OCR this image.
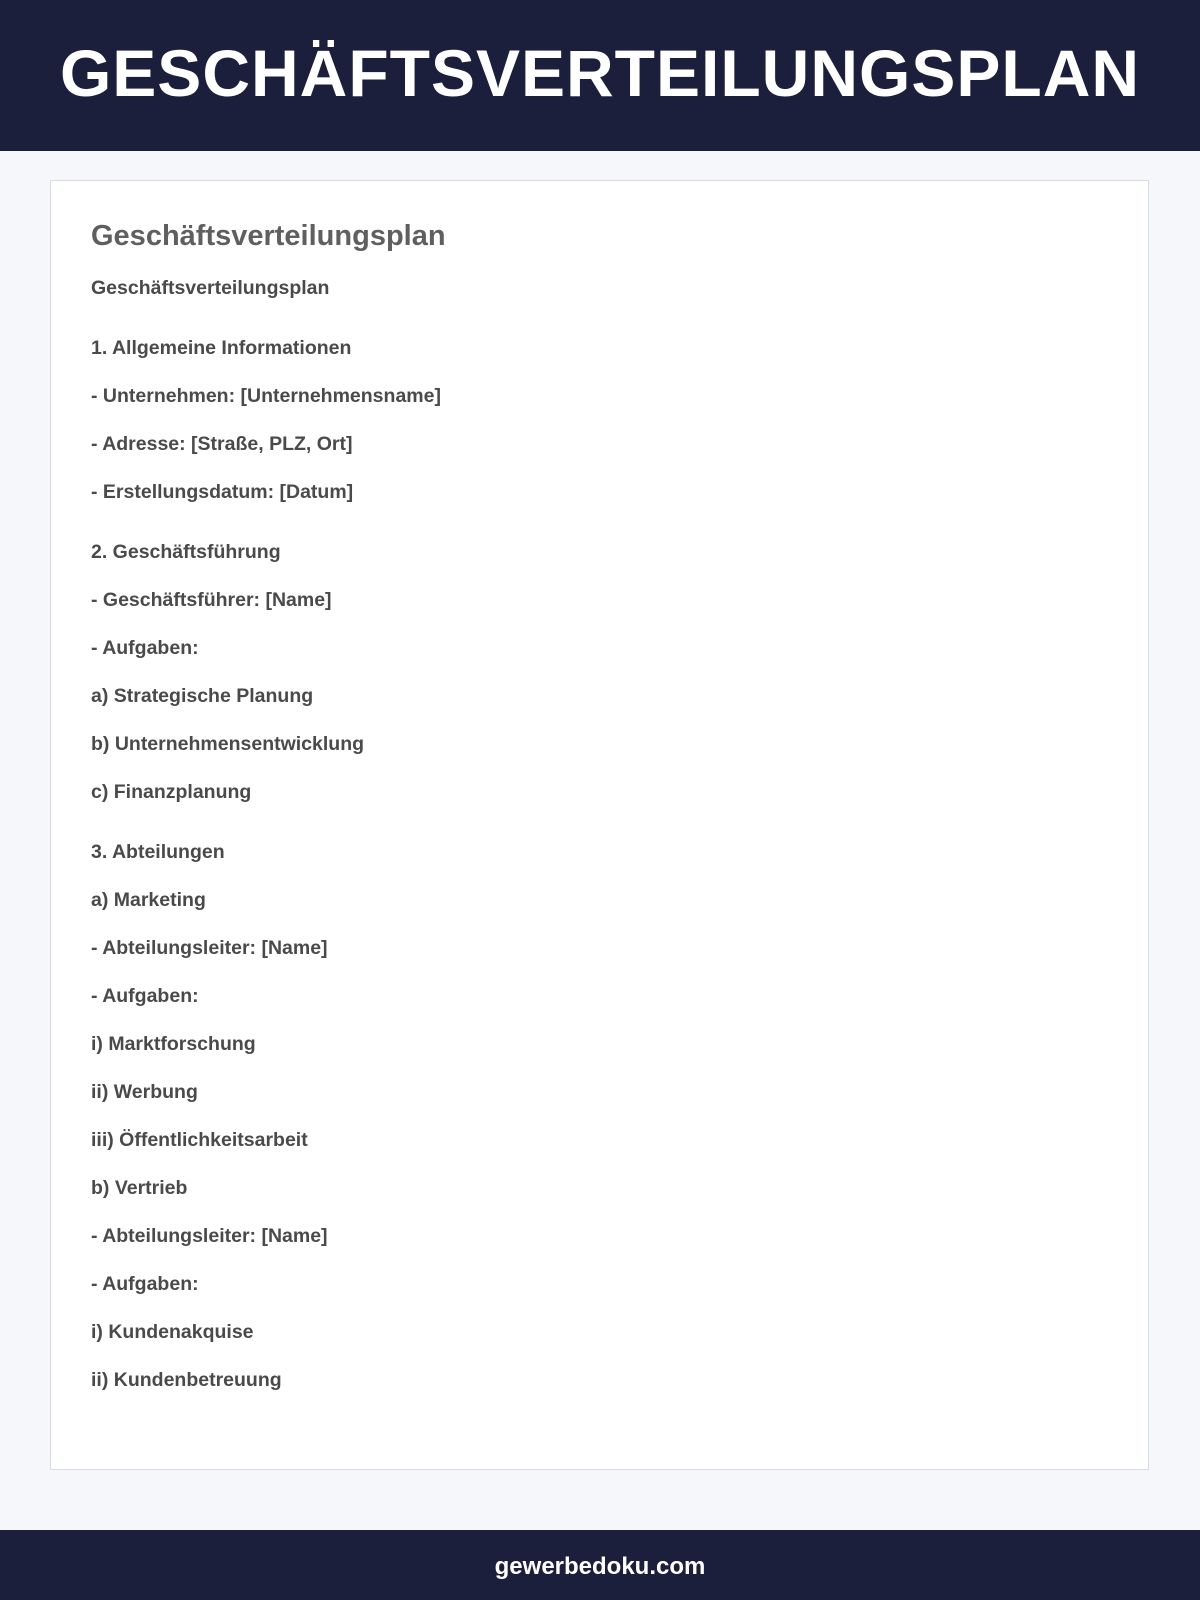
GESCHÄFTSVERTEILUNGSPLAN
Geschäftsverteilungsplan

Geschäftsverteilungsplan

1. Allgemeine Informationen

- Unternehmen: [Unternehmensname]

- Adresse: [Straße, PLZ, Ort]

- Erstellungsdatum: [Datum]

2. Geschäftsführung

- Geschäftsführer: [Name]

- Aufgaben:

a) Strategische Planung

b) Unternehmensentwicklung

c) Finanzplanung

3. Abteilungen

a) Marketing

- Abteilungsleiter: [Name]

- Aufgaben:

i) Marktforschung

ii) Werbung

iii) Öffentlichkeitsarbeit

b) Vertrieb

- Abteilungsleiter: [Name]

- Aufgaben:

i) Kundenakquise

ii) Kundenbetreuung

gewerbedoku.com
